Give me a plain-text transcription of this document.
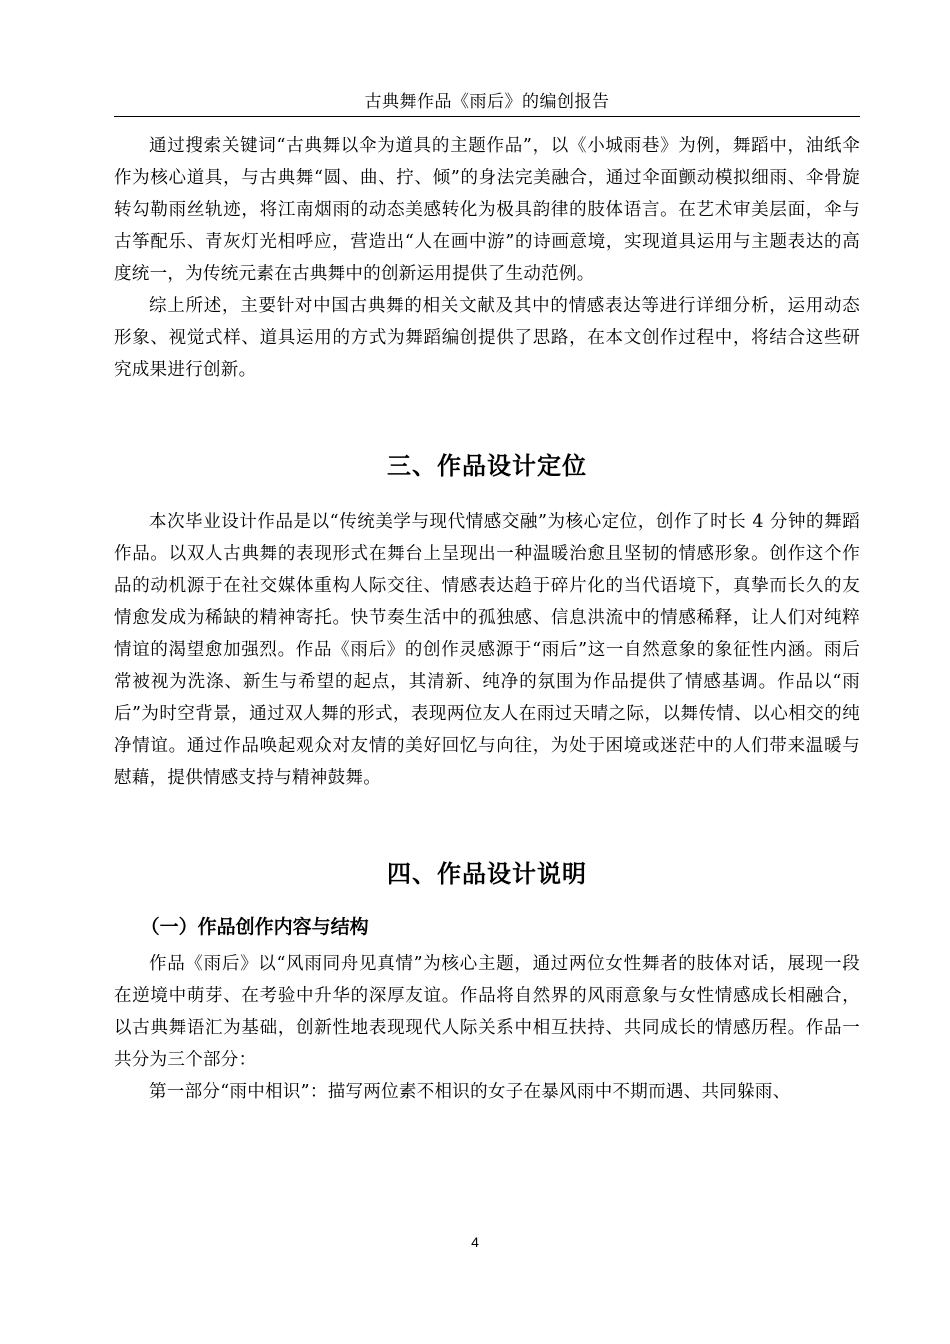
古典舞作品《雨后》的编创报告

通过搜索关键词“古典舞以伞为道具的主题作品”，以《小城雨巷》为例，舞蹈中，油纸伞作为核心道具，与古典舞“圆、曲、拧、倾”的身法完美融合，通过伞面颤动模拟细雨、伞骨旋转勾勒雨丝轨迹，将江南烟雨的动态美感转化为极具韵律的肢体语言。在艺术审美层面，伞与古筝配乐、青灰灯光相呼应，营造出“人在画中游”的诗画意境，实现道具运用与主题表达的高度统一，为传统元素在古典舞中的创新运用提供了生动范例。

综上所述，主要针对中国古典舞的相关文献及其中的情感表达等进行详细分析，运用动态形象、视觉式样、道具运用的方式为舞蹈编创提供了思路，在本文创作过程中，将结合这些研究成果进行创新。

三、作品设计定位

本次毕业设计作品是以“传统美学与现代情感交融”为核心定位，创作了时长 4 分钟的舞蹈作品。以双人古典舞的表现形式在舞台上呈现出一种温暖治愈且坚韧的情感形象。创作这个作品的动机源于在社交媒体重构人际交往、情感表达趋于碎片化的当代语境下，真挚而长久的友情愈发成为稀缺的精神寄托。快节奏生活中的孤独感、信息洪流中的情感稀释，让人们对纯粹情谊的渴望愈加强烈。作品《雨后》的创作灵感源于“雨后”这一自然意象的象征性内涵。雨后常被视为洗涤、新生与希望的起点，其清新、纯净的氛围为作品提供了情感基调。作品以“雨后”为时空背景，通过双人舞的形式，表现两位友人在雨过天晴之际，以舞传情、以心相交的纯净情谊。通过作品唤起观众对友情的美好回忆与向往，为处于困境或迷茫中的人们带来温暖与慰藉，提供情感支持与精神鼓舞。

四、作品设计说明
（一）作品创作内容与结构

作品《雨后》以“风雨同舟见真情”为核心主题，通过两位女性舞者的肢体对话，展现一段在逆境中萌芽、在考验中升华的深厚友谊。作品将自然界的风雨意象与女性情感成长相融合，以古典舞语汇为基础，创新性地表现现代人际关系中相互扶持、共同成长的情感历程。作品一共分为三个部分：

第一部分“雨中相识”：描写两位素不相识的女子在暴风雨中不期而遇、共同躲雨、

4
